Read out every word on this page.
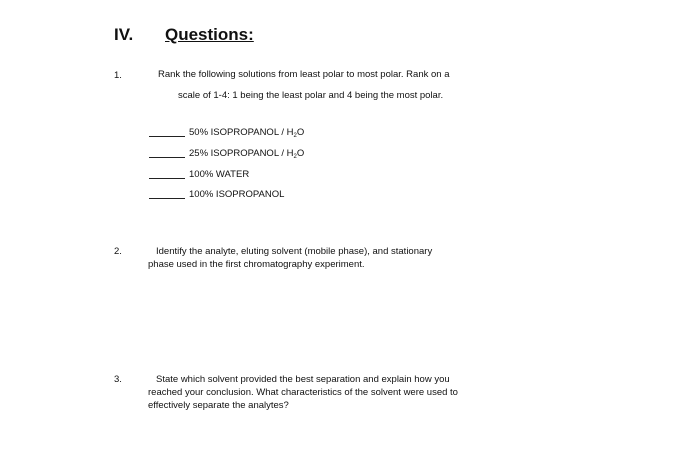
IV. Questions:
1.	Rank the following solutions from least polar to most polar. Rank on a
scale of 1-4: 1 being the least polar and 4 being the most polar.
50% ISOPROPANOL / $H_2O$
25% ISOPROPANOL / $H_2O$
100% WATER
100% ISOPROPANOL
2.	Identify the analyte, eluting solvent (mobile phase), and stationary
phase used in the first chromatography experiment.
3.	State which solvent provided the best separation and explain how you
reached your conclusion. What characteristics of the solvent were used to
effectively separate the analytes?
